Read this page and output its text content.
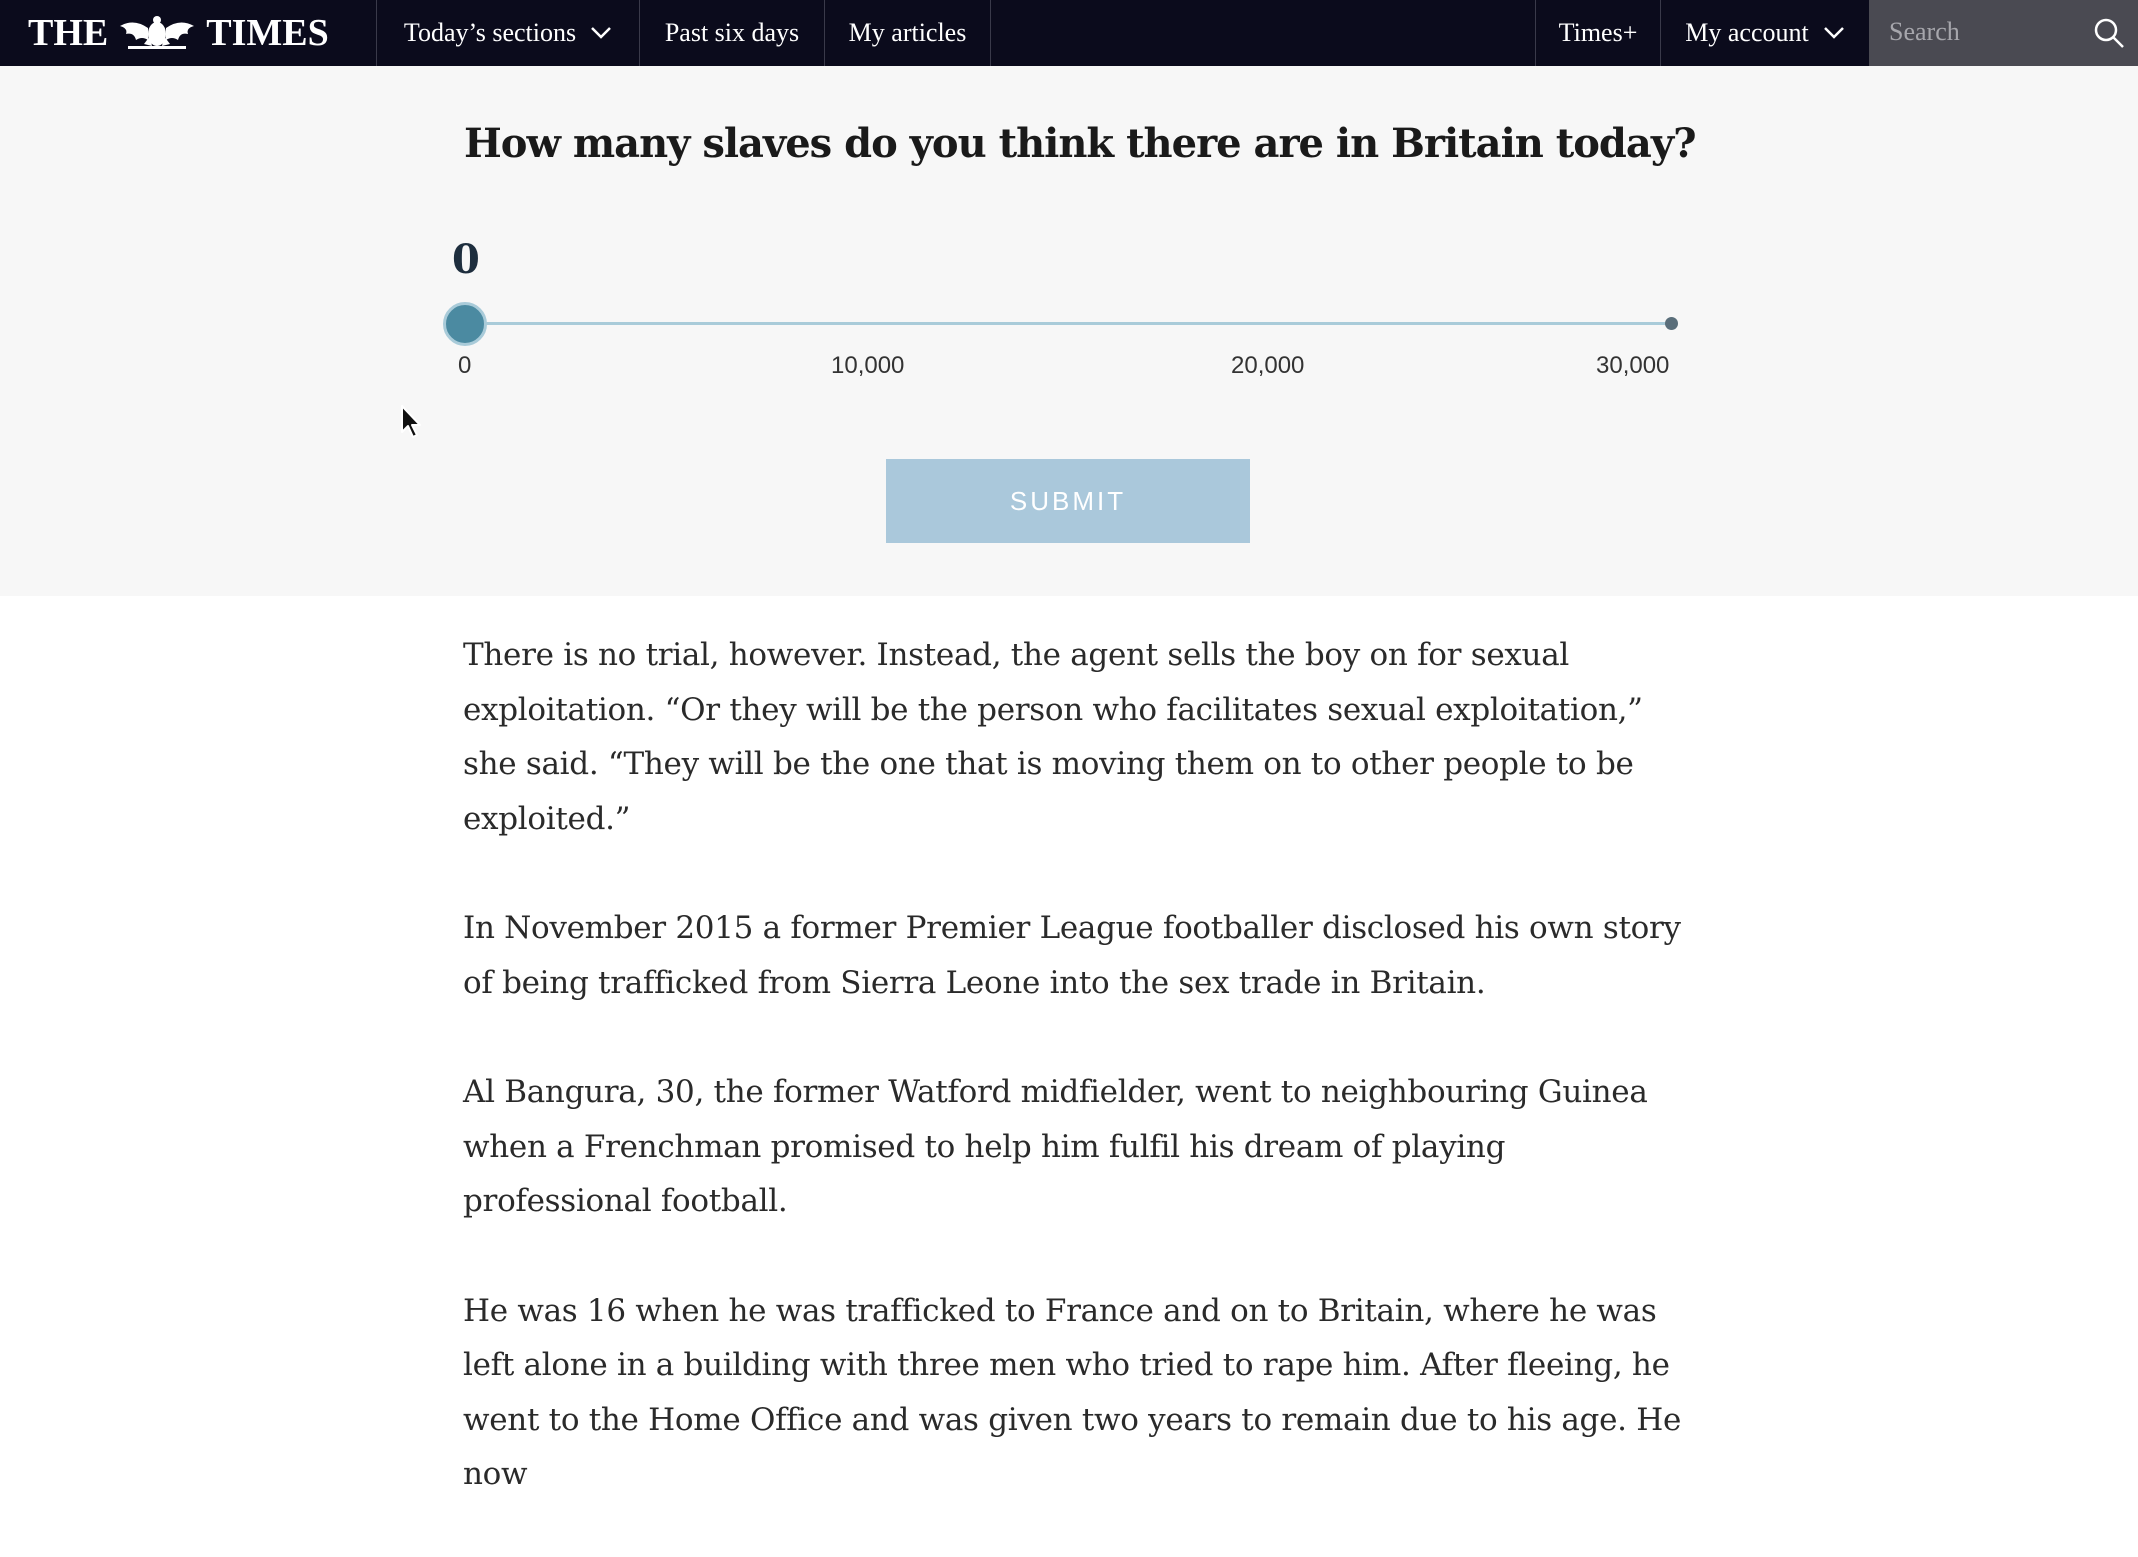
THE	TIMES	Today’s sections	Past six days My articles	Times+ My account
Search
How many slaves do you think there are in Britain today?
0
0	10,000	20,000	30,000
SUBMIT

There is no trial, however. Instead, the agent sells the boy on for sexual exploitation. “Or they will be the person who facilitates sexual exploitation,” she said. “They will be the one that is moving them on to other people to be exploited.”

In November 2015 a former Premier League footballer disclosed his own story of being trafficked from Sierra Leone into the sex trade in Britain.

Al Bangura, 30, the former Watford midfielder, went to neighbouring Guinea when a Frenchman promised to help him fulfil his dream of playing professional football.

He was 16 when he was trafficked to France and on to Britain, where he was left alone in a building with three men who tried to rape him. After fleeing, he went to the Home Office and was given two years to remain due to his age. He now
